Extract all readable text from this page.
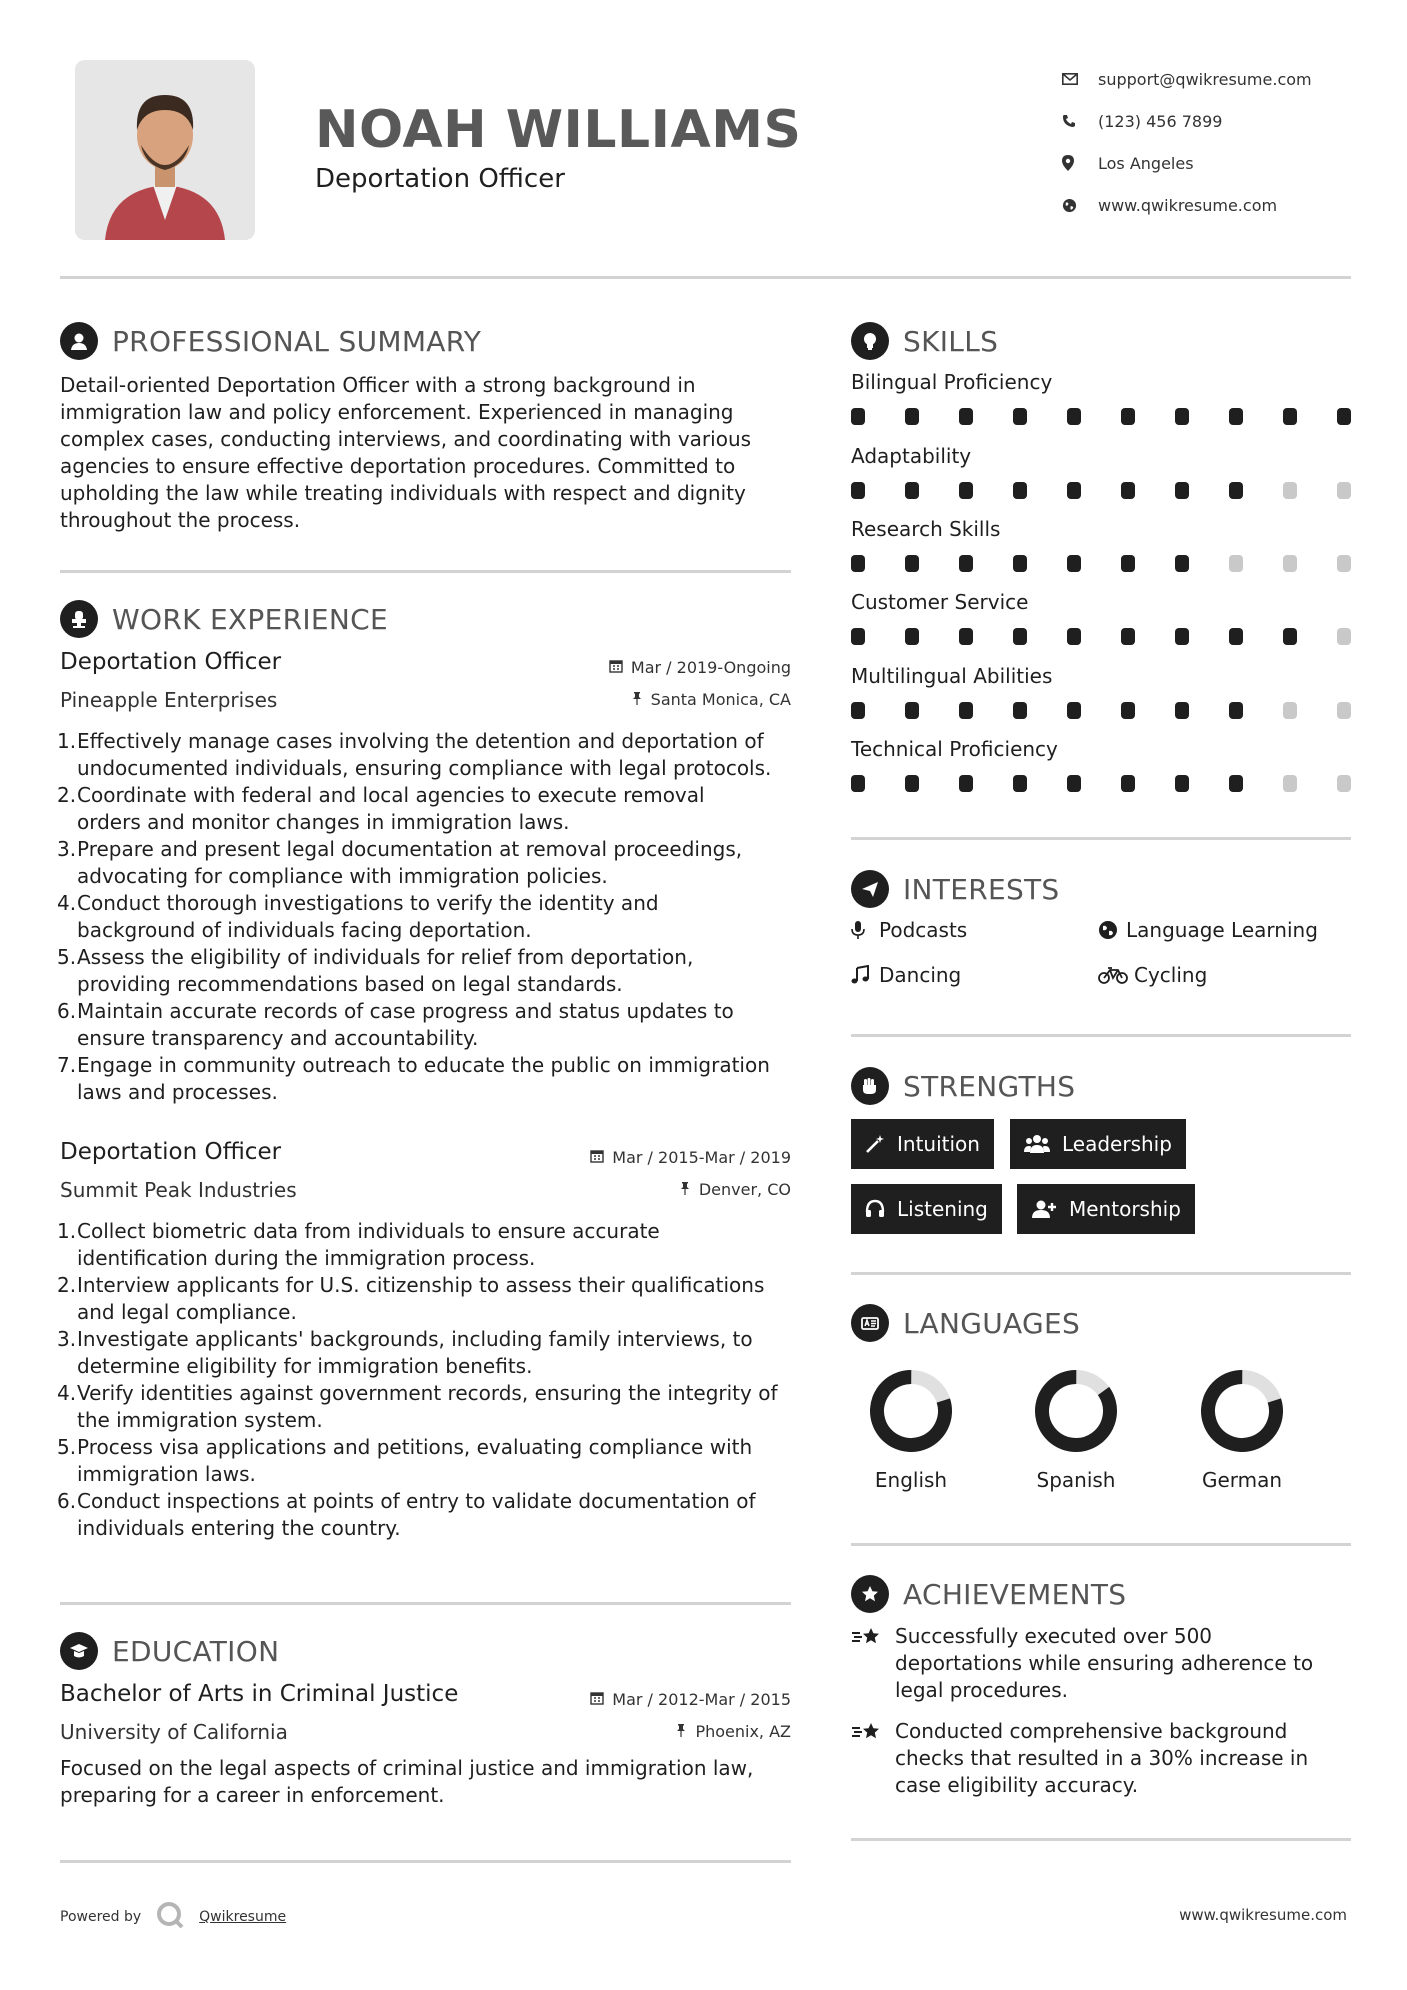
NOAH WILLIAMS
Deportation Officer
support@qwikresume.com
(123) 456 7899
Los Angeles
www.qwikresume.com
PROFESSIONAL SUMMARY
Detail-oriented Deportation Officer with a strong background in
immigration law and policy enforcement. Experienced in managing
complex cases, conducting interviews, and coordinating with various
agencies to ensure effective deportation procedures. Committed to
upholding the law while treating individuals with respect and dignity
throughout the process.
WORK EXPERIENCE
Deportation Officer	Mar / 2019-Ongoing
Pineapple Enterprises	Santa Monica, CA
1. Effectively manage cases involving the detention and deportation of
undocumented individuals, ensuring compliance with legal protocols.
2. Coordinate with federal and local agencies to execute removal
orders and monitor changes in immigration laws.
3. Prepare and present legal documentation at removal proceedings,
advocating for compliance with immigration policies.
4. Conduct thorough investigations to verify the identity and
background of individuals facing deportation.
5. Assess the eligibility of individuals for relief from deportation,
providing recommendations based on legal standards.
6. Maintain accurate records of case progress and status updates to
ensure transparency and accountability.
7. Engage in community outreach to educate the public on immigration
laws and processes.
Deportation Officer	Mar / 2015-Mar / 2019
Summit Peak Industries	Denver, CO
1. Collect biometric data from individuals to ensure accurate
identification during the immigration process.
2. Interview applicants for U.S. citizenship to assess their qualifications
and legal compliance.
3. Investigate applicants' backgrounds, including family interviews, to
determine eligibility for immigration benefits.
4. Verify identities against government records, ensuring the integrity of
the immigration system.
5. Process visa applications and petitions, evaluating compliance with
immigration laws.
6. Conduct inspections at points of entry to validate documentation of
individuals entering the country.
EDUCATION
Bachelor of Arts in Criminal Justice	Mar / 2012-Mar / 2015
University of California	Phoenix, AZ
Focused on the legal aspects of criminal justice and immigration law,
preparing for a career in enforcement.
SKILLS
Bilingual Proficiency
Adaptability
Research Skills
Customer Service
Multilingual Abilities
Technical Proficiency
INTERESTS
Podcasts	Language Learning
Dancing	Cycling
STRENGTHS
Intuition	Leadership
Listening	Mentorship
LANGUAGES
English	Spanish	German
ACHIEVEMENTS
Successfully executed over 500
deportations while ensuring adherence to
legal procedures.
Conducted comprehensive background
checks that resulted in a 30% increase in
case eligibility accuracy.
Powered by	Qwikresume	www.qwikresume.com
